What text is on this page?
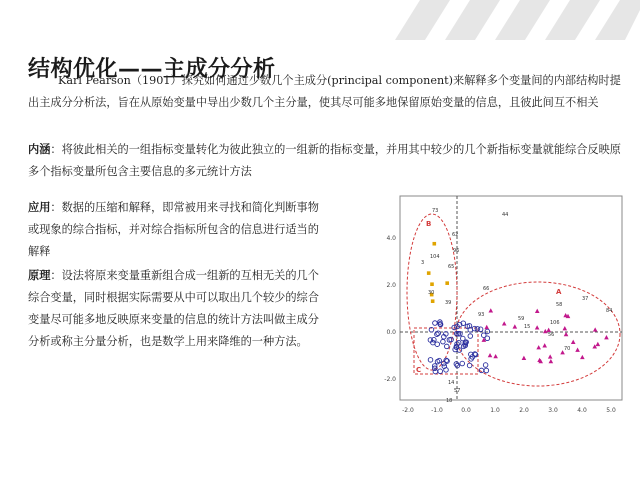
结构优化——主成分分析

Karl Pearson（1901）探究如何通过少数几个主成分(principal component)来解释多个变量间的内部结构时提出主成分分析法，旨在从原始变量中导出少数几个主分量，使其尽可能多地保留原始变量的信息，且彼此间互不相关

内涵：将彼此相关的一组指标变量转化为彼此独立的一组新的指标变量，并用其中较少的几个新指标变量就能综合反映原多个指标变量所包含主要信息的多元统计方法

应用：数据的压缩和解释，即常被用来寻找和简化判断事物或现象的综合指标，并对综合指标所包含的信息进行适当的解释

原理：设法将原来变量重新组合成一组新的互相无关的几个综合变量，同时根据实际需要从中可以取出几个较少的综合变量尽可能多地反映原来变量的信息的统计方法叫做主成分分析或称主分量分析，也是数学上用来降维的一种方法。

-2.0	-1.0	0.0	1.0	2.0	3.0	4.0	5.0
4.0
2.0
0.0
-2.0
73
44
62
104
96
65
3
30
39
93
66
37
58
59
56
84
15
106
70
14
57
18
A
B
C
